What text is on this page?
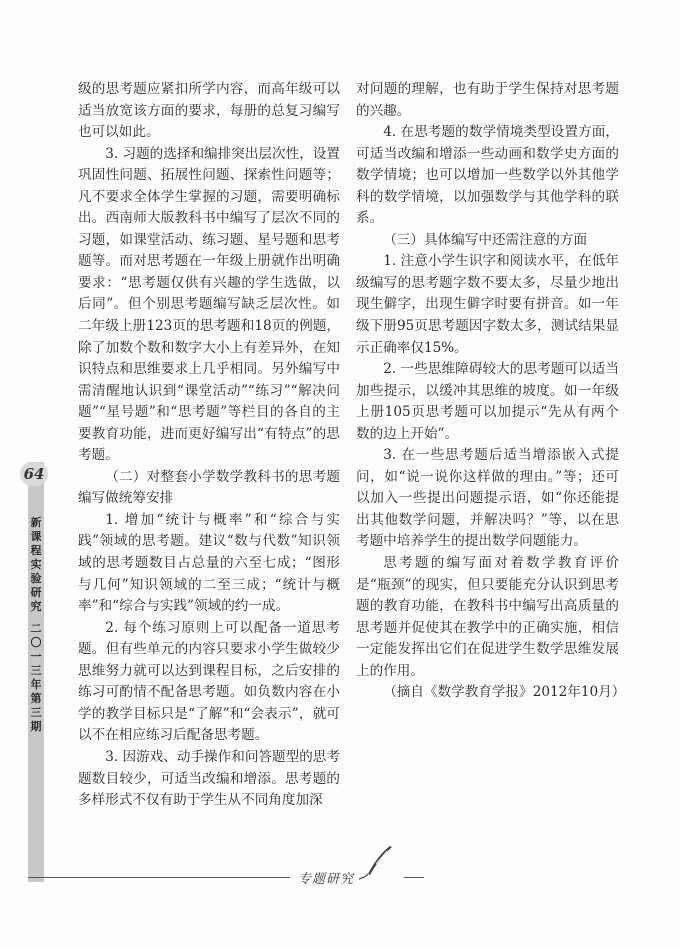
64
新课程实验研究
二〇一三年第三期

级的思考题应紧扣所学内容，而高年级可以适当放宽该方面的要求，每册的总复习编写也可以如此。

3. 习题的选择和编排突出层次性，设置巩固性问题、拓展性问题、探索性问题等；凡不要求全体学生掌握的习题，需要明确标出。西南师大版教科书中编写了层次不同的习题，如课堂活动、练习题、星号题和思考题等。而对思考题在一年级上册就作出明确要求：“思考题仅供有兴趣的学生选做，以后同”。但个别思考题编写缺乏层次性。如二年级上册123页的思考题和18页的例题，除了加数个数和数字大小上有差异外，在知识特点和思维要求上几乎相同。另外编写中需清醒地认识到“课堂活动”“练习”“解决问题”“星号题”和“思考题”等栏目的各自的主要教育功能，进而更好编写出“有特点”的思考题。

（二）对整套小学数学教科书的思考题编写做统筹安排

1. 增加“统计与概率”和“综合与实践”领域的思考题。建议“数与代数”知识领域的思考题数目占总量的六至七成；“图形与几何”知识领域的二至三成；“统计与概率”和“综合与实践”领域的约一成。

2. 每个练习原则上可以配备一道思考题。但有些单元的内容只要求小学生做较少思维努力就可以达到课程目标，之后安排的练习可酌情不配备思考题。如负数内容在小学的教学目标只是“了解”和“会表示”，就可以不在相应练习后配备思考题。

3. 因游戏、动手操作和问答题型的思考题数目较少，可适当改编和增添。思考题的多样形式不仅有助于学生从不同角度加深

对问题的理解，也有助于学生保持对思考题的兴趣。

4. 在思考题的数学情境类型设置方面，可适当改编和增添一些动画和数学史方面的数学情境；也可以增加一些数学以外其他学科的数学情境，以加强数学与其他学科的联系。

（三）具体编写中还需注意的方面

1. 注意小学生识字和阅读水平，在低年级编写的思考题字数不要太多，尽量少地出现生僻字，出现生僻字时要有拼音。如一年级下册95页思考题因字数太多，测试结果显示正确率仅15%。

2. 一些思维障碍较大的思考题可以适当加些提示，以缓冲其思维的坡度。如一年级上册105页思考题可以加提示“先从有两个数的边上开始”。

3. 在一些思考题后适当增添嵌入式提问，如“说一说你这样做的理由。”等；还可以加入一些提出问题提示语，如“你还能提出其他数学问题，并解决吗？”等，以在思考题中培养学生的提出数学问题能力。

思考题的编写面对着数学教育评价是“瓶颈”的现实，但只要能充分认识到思考题的教育功能，在教科书中编写出高质量的思考题并促使其在教学中的正确实施，相信一定能发挥出它们在促进学生数学思维发展上的作用。

（摘自《数学教育学报》2012年10月）

专题研究
